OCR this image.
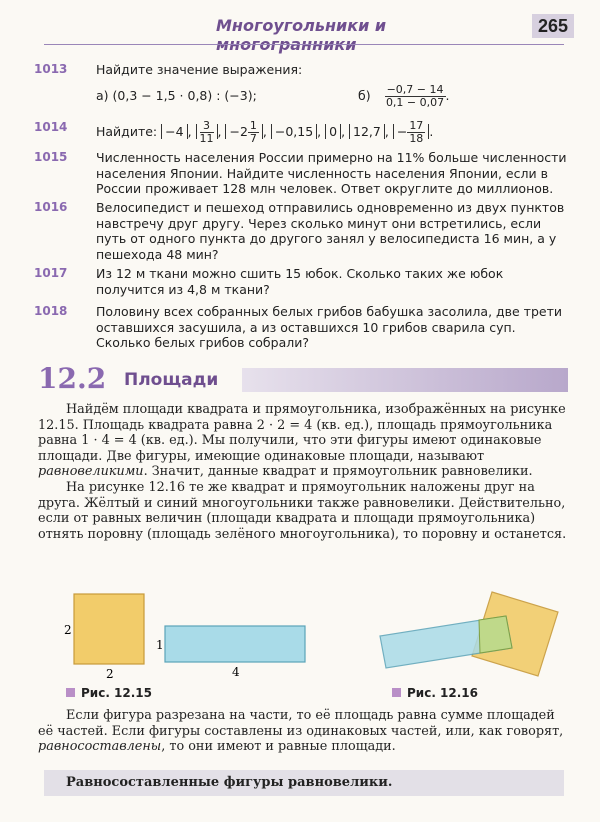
Многоугольники и многогранники
265
1013	Найдите значение выражения:
а) (0,3 − 1,5 · 0,8) : (−3);	$б) \frac{-0,7 - 14}{0,1 - 0,07}$ .
1014	Найдите: −4 , $\frac{3}{11}$ , $-2 \frac{1}{7}$ , −0,15 , 0 , 12,7 , − $\frac{17}{18}$ .
1015	Численность населения России примерно на 11% больше численности населения Японии. Найдите численность населения Японии, если в России проживает 128 млн человек. Ответ округлите до миллионов.
1016	Велосипедист и пешеход отправились одновременно из двух пунктов навстречу друг другу. Через сколько минут они встретились, если путь от одного пункта до другого занял у велосипедиста 16 мин, а у пешехода 48 мин?
1017	Из 12 м ткани можно сшить 15 юбок. Сколько таких же юбок получится из 4,8 м ткани?
1018	Половину всех собранных белых грибов бабушка засолила, две трети оставшихся засушила, а из оставшихся 10 грибов сварила суп. Сколько белых грибов собрали?
12.2 Площади

Найдём площади квадрата и прямоугольника, изображённых на рисунке 12.15. Площадь квадрата равна 2 · 2 = 4 (кв. ед.), площадь прямоугольника равна 1 · 4 = 4 (кв. ед.). Мы получили, что эти фигуры имеют одинаковые площади. Две фигуры, имеющие одинаковые площади, называют равновеликими. Значит, данные квадрат и прямоугольник равновелики.

На рисунке 12.16 те же квадрат и прямоугольник наложены друг на друга. Жёлтый и синий многоугольники также равновелики. Действительно, если от равных величин (площади квадрата и площади прямоугольника) отнять поровну (площадь зелёного многоугольника), то поровну и останется.

2
2
1
4
Рис. 12.15	Рис. 12.16

Если фигура разрезана на части, то её площадь равна сумме площадей её частей. Если фигуры составлены из одинаковых частей, или, как говорят, равносоставлены, то они имеют и равные площади.

Равносоставленные фигуры равновелики.
